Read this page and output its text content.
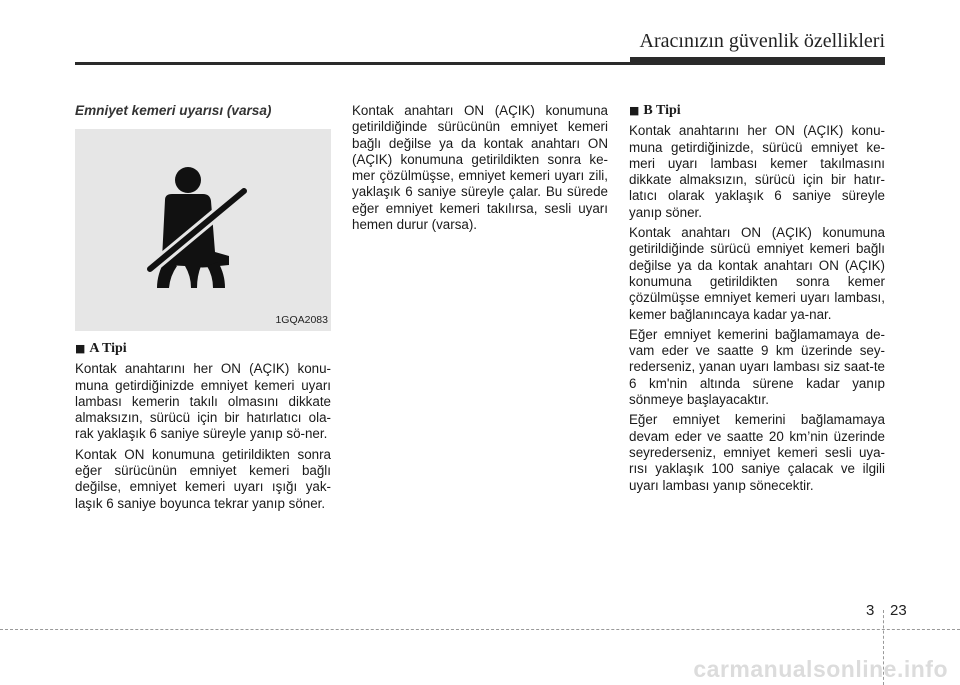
Aracınızın güvenlik özellikleri
Emniyet kemeri uyarısı (varsa)
1GQA2083

■ A Tipi

Kontak anahtarını her ON (AÇIK) konu-muna getirdiğinizde emniyet kemeri uyarı lambası kemerin takılı olmasını dikkate almaksızın, sürücü için bir hatırlatıcı ola-rak yaklaşık 6 saniye süreyle yanıp sö-ner.

Kontak ON konumuna getirildikten sonra eğer sürücünün emniyet kemeri bağlı değilse, emniyet kemeri uyarı ışığı yak-laşık 6 saniye boyunca tekrar yanıp söner.

Kontak anahtarı ON (AÇIK) konumuna getirildiğinde sürücünün emniyet kemeri bağlı değilse ya da kontak anahtarı ON (AÇIK) konumuna getirildikten sonra ke-mer çözülmüşse, emniyet kemeri uyarı zili, yaklaşık 6 saniye süreyle çalar. Bu sürede eğer emniyet kemeri takılırsa, sesli uyarı hemen durur (varsa).

■ B Tipi

Kontak anahtarını her ON (AÇIK) konu-muna getirdiğinizde, sürücü emniyet ke-meri uyarı lambası kemer takılmasını dikkate almaksızın, sürücü için bir hatır-latıcı olarak yaklaşık 6 saniye süreyle yanıp söner.

Kontak anahtarı ON (AÇIK) konumuna getirildiğinde sürücü emniyet kemeri bağlı değilse ya da kontak anahtarı ON (AÇIK) konumuna getirildikten sonra kemer çözülmüşse emniyet kemeri uyarı lambası, kemer bağlanıncaya kadar ya-nar.

Eğer emniyet kemerini bağlamamaya de-vam eder ve saatte 9 km üzerinde sey-rederseniz, yanan uyarı lambası siz saat-te 6 km'nin altında sürene kadar yanıp sönmeye başlayacaktır.

Eğer emniyet kemerini bağlamamaya devam eder ve saatte 20 km’nin üzerinde seyrederseniz, emniyet kemeri sesli uya-rısı yaklaşık 100 saniye çalacak ve ilgili uyarı lambası yanıp sönecektir.

3 23
carmanualsonline.info
